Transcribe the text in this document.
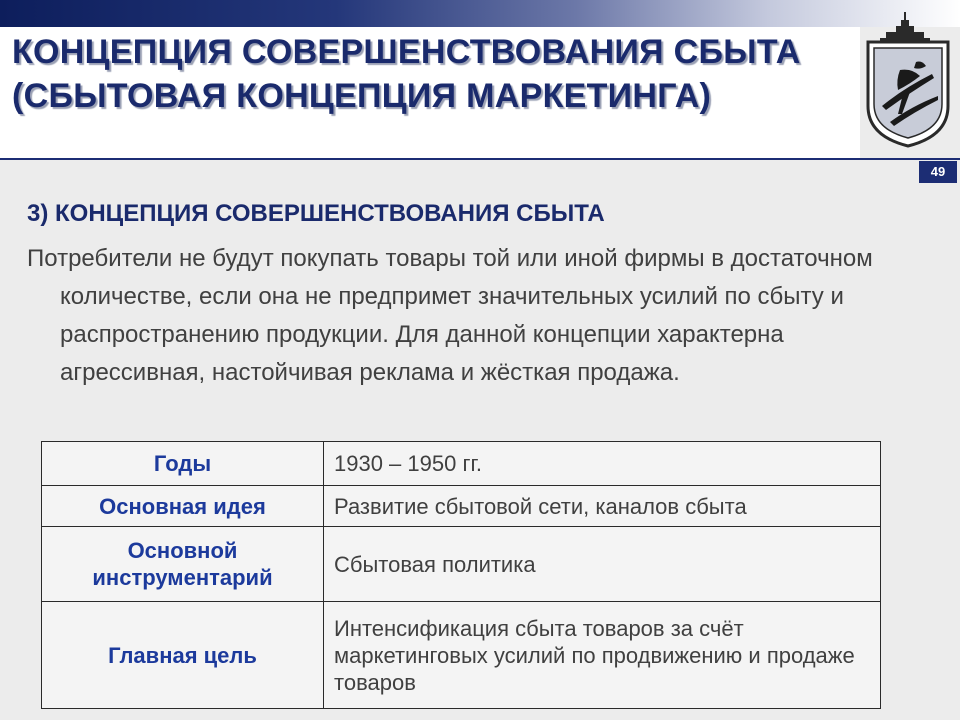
КОНЦЕПЦИЯ СОВЕРШЕНСТВОВАНИЯ СБЫТА (СБЫТОВАЯ КОНЦЕПЦИЯ МАРКЕТИНГА)
49
3) КОНЦЕПЦИЯ СОВЕРШЕНСТВОВАНИЯ СБЫТА
Потребители не будут покупать товары той или иной фирмы в достаточном количестве, если она не предпримет значительных усилий по сбыту и распространению продукции. Для данной концепции характерна агрессивная, настойчивая реклама и жёсткая продажа.
Годы	1930 – 1950 гг.
Основная идея	Развитие сбытовой сети, каналов сбыта
Основной инструментарий	Сбытовая политика
Главная цель	Интенсификация сбыта товаров за счёт маркетинговых усилий по продвижению и продаже товаров
